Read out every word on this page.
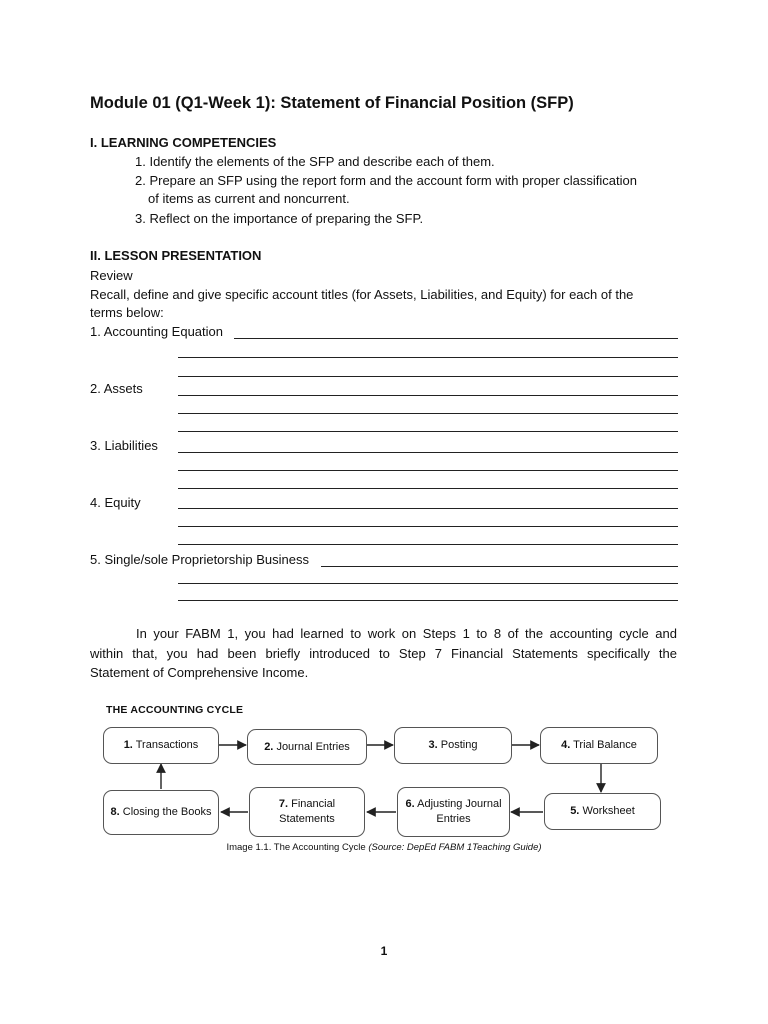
Module 01 (Q1-Week 1): Statement of Financial Position (SFP)
I. LEARNING COMPETENCIES

1. Identify the elements of the SFP and describe each of them.

2. Prepare an SFP using the report form and the account form with proper classification

of items as current and noncurrent.

3. Reflect on the importance of preparing the SFP.

II. LESSON PRESENTATION

Review

Recall, define and give specific account titles (for Assets, Liabilities, and Equity) for each of the

terms below:

1. Accounting Equation

2. Assets

3. Liabilities

4. Equity

5. Single/sole Proprietorship Business

In your FABM 1, you had learned to work on Steps 1 to 8 of the accounting cycle and
within that, you had been briefly introduced to Step 7 Financial Statements specifically the
Statement of Comprehensive Income.
THE ACCOUNTING CYCLE
1. Transactions	2. Journal Entries	3. Posting	4. Trial Balance
5. Worksheet
6. Adjusting Journal Entries
7. Financial Statements
8. Closing the Books
Image 1.1. The Accounting Cycle (Source: DepEd FABM 1Teaching Guide)
1
